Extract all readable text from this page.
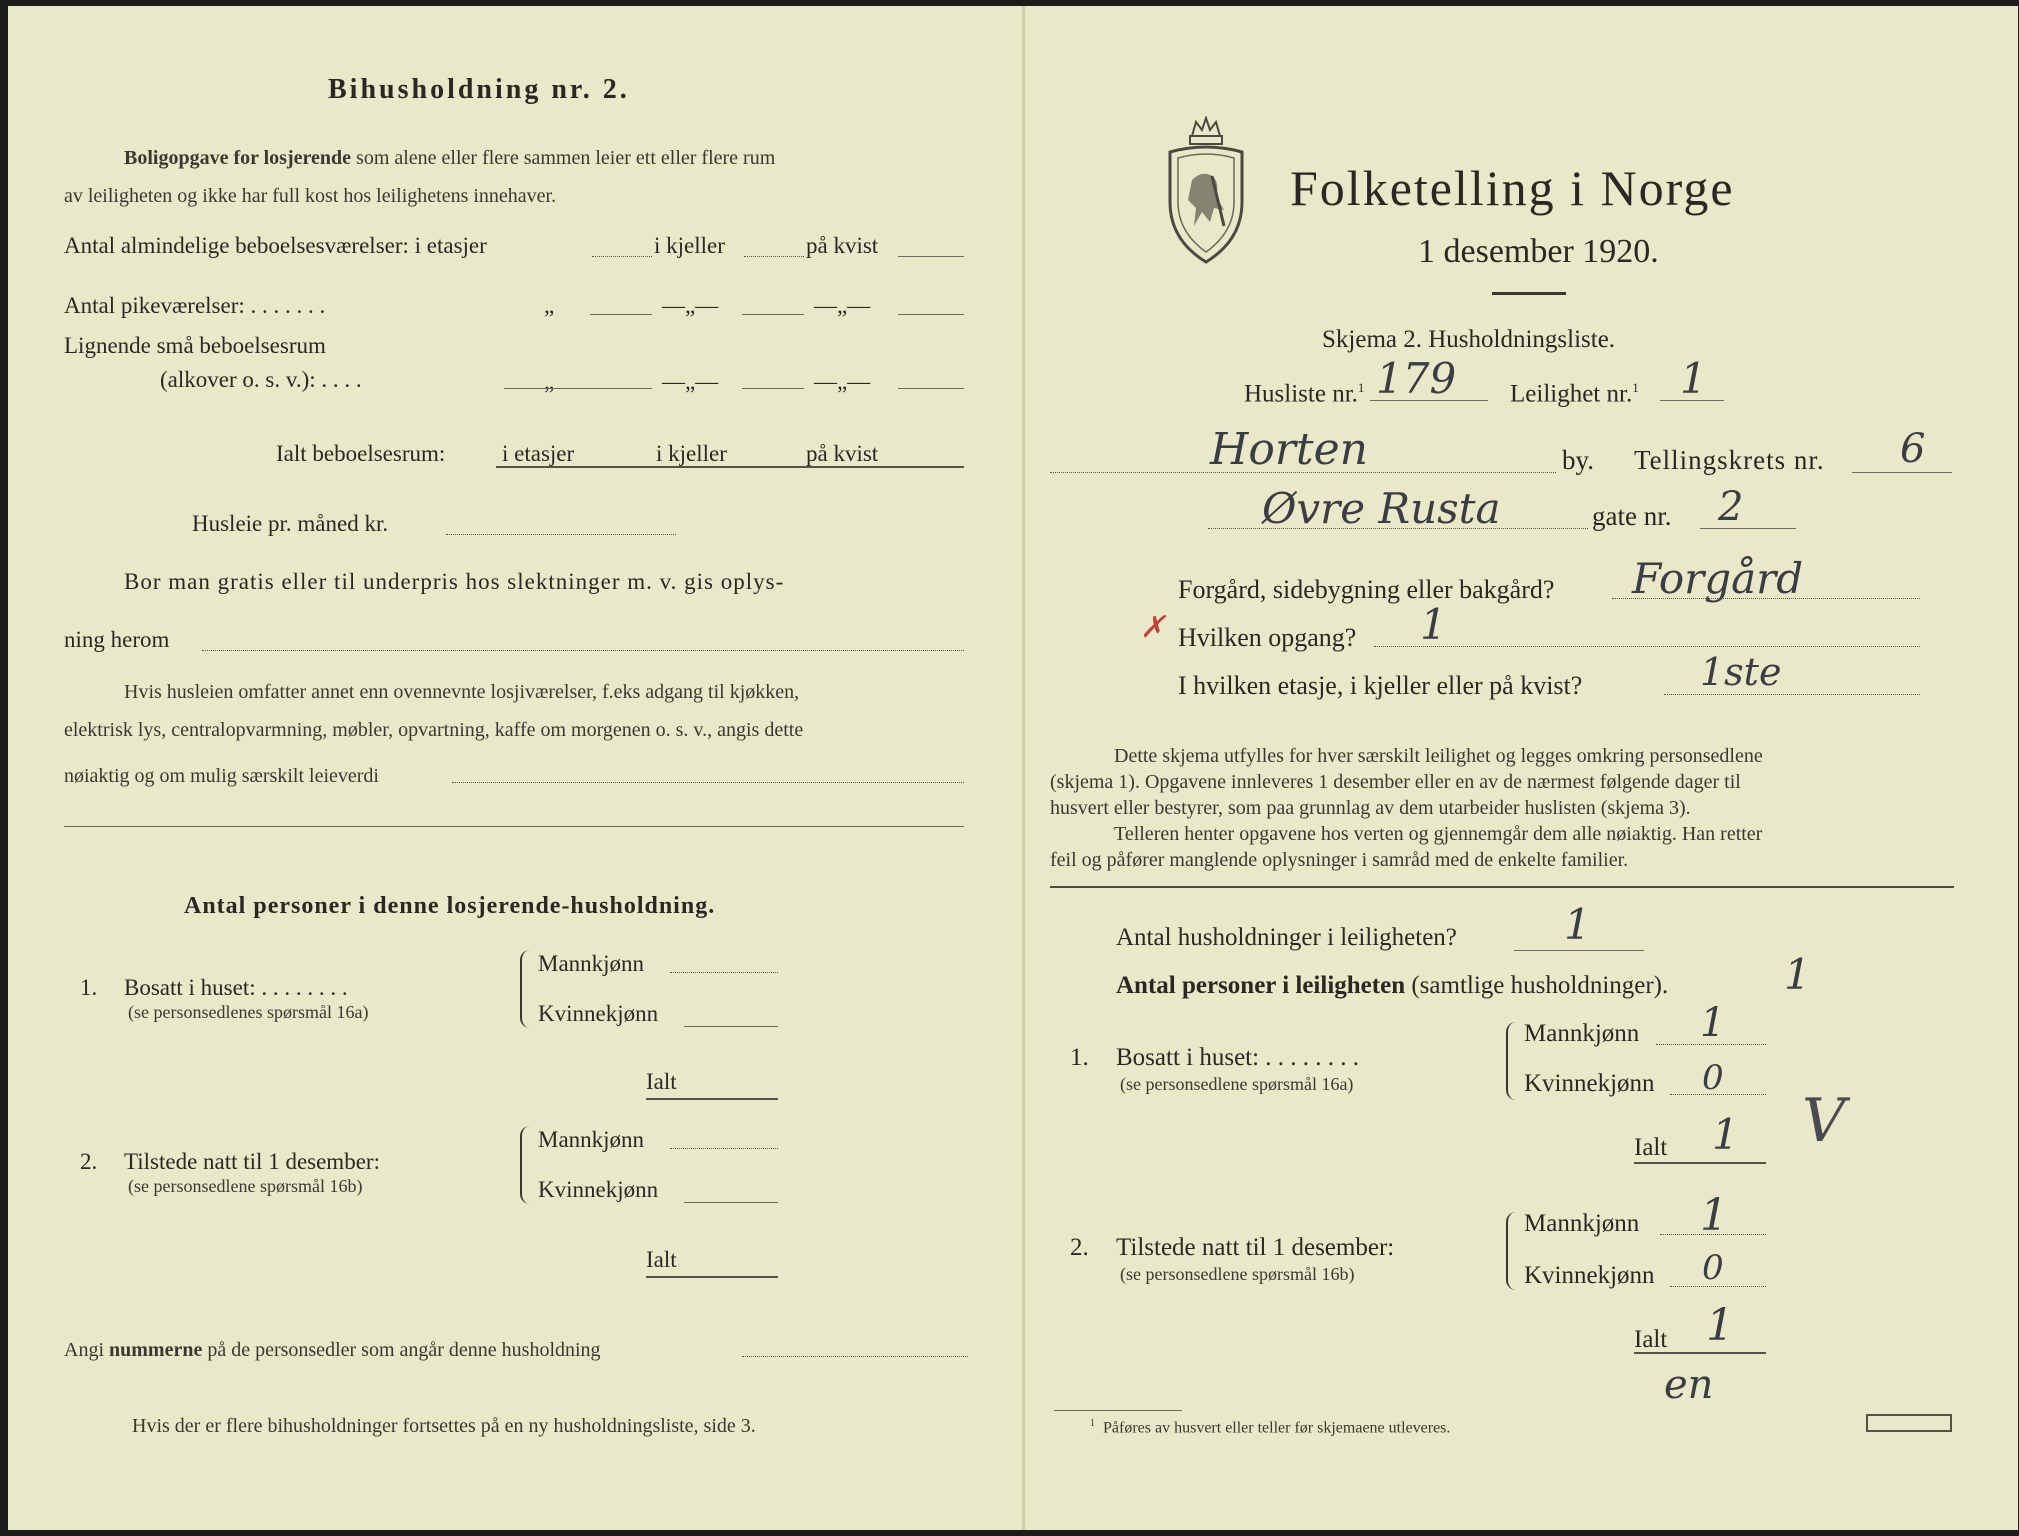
Bihusholdning nr. 2.
Boligopgave for losjerende som alene eller flere sammen leier ett eller flere rum
av leiligheten og ikke har full kost hos leilighetens innehaver.
Antal almindelige beboelsesværelser: i etasjer	i kjeller	på kvist
Antal pikeværelser: . . . . . . .	„	—„—	—„—
Lignende små beboelsesrum
(alkover o. s. v.): . . . .	„	—„—	—„—
Ialt beboelsesrum: i etasjer	i kjeller	på kvist
Husleie pr. måned kr.
Bor man gratis eller til underpris hos slektninger m. v. gis oplys-
ning herom
Hvis husleien omfatter annet enn ovennevnte losjiværelser, f.eks adgang til kjøkken,
elektrisk lys, centralopvarmning, møbler, opvartning, kaffe om morgenen o. s. v., angis dette
nøiaktig og om mulig særskilt leieverdi
Antal personer i denne losjerende-husholdning.
1. Bosatt i huset: . . . . . . . .
(se personsedlenes spørsmål 16a)
Mannkjønn
Kvinnekjønn
Ialt
2. Tilstede natt til 1 desember:
(se personsedlene spørsmål 16b)
Mannkjønn
Kvinnekjønn
Ialt
Angi nummerne på de personsedler som angår denne husholdning
Hvis der er flere bihusholdninger fortsettes på en ny husholdningsliste, side 3.
Folketelling i Norge
1 desember 1920.
Skjema 2. Husholdningsliste.
Husliste nr.$^1$ 179 Leilighet nr.$^1$ 1
Horten	by. Tellingskrets nr. 6
Øvre Rusta	gate nr. 2
Forgård, sidebygning eller bakgård? Forgård
✗ Hvilken opgang? 1
I hvilken etasje, i kjeller eller på kvist?	1ste
Dette skjema utfylles for hver særskilt leilighet og legges omkring personsedlene
(skjema 1). Opgavene innleveres 1 desember eller en av de nærmest følgende dager til
husvert eller bestyrer, som paa grunnlag av dem utarbeider huslisten (skjema 3).
Telleren henter opgavene hos verten og gjennemgår dem alle nøiaktig. Han retter
feil og påfører manglende oplysninger i samråd med de enkelte familier.
Antal husholdninger i leiligheten?	1
Antal personer i leiligheten (samtlige husholdninger).	1
1. Bosatt i huset: . . . . . . . .
(se personsedlene spørsmål 16a)
Mannkjønn 1
Kvinnekjønn 0
Ialt 1 V
2. Tilstede natt til 1 desember:
(se personsedlene spørsmål 16b)
Mannkjønn 1
Kvinnekjønn 0
Ialt 1
en
$^1$ Påføres av husvert eller teller før skjemaene utleveres.
